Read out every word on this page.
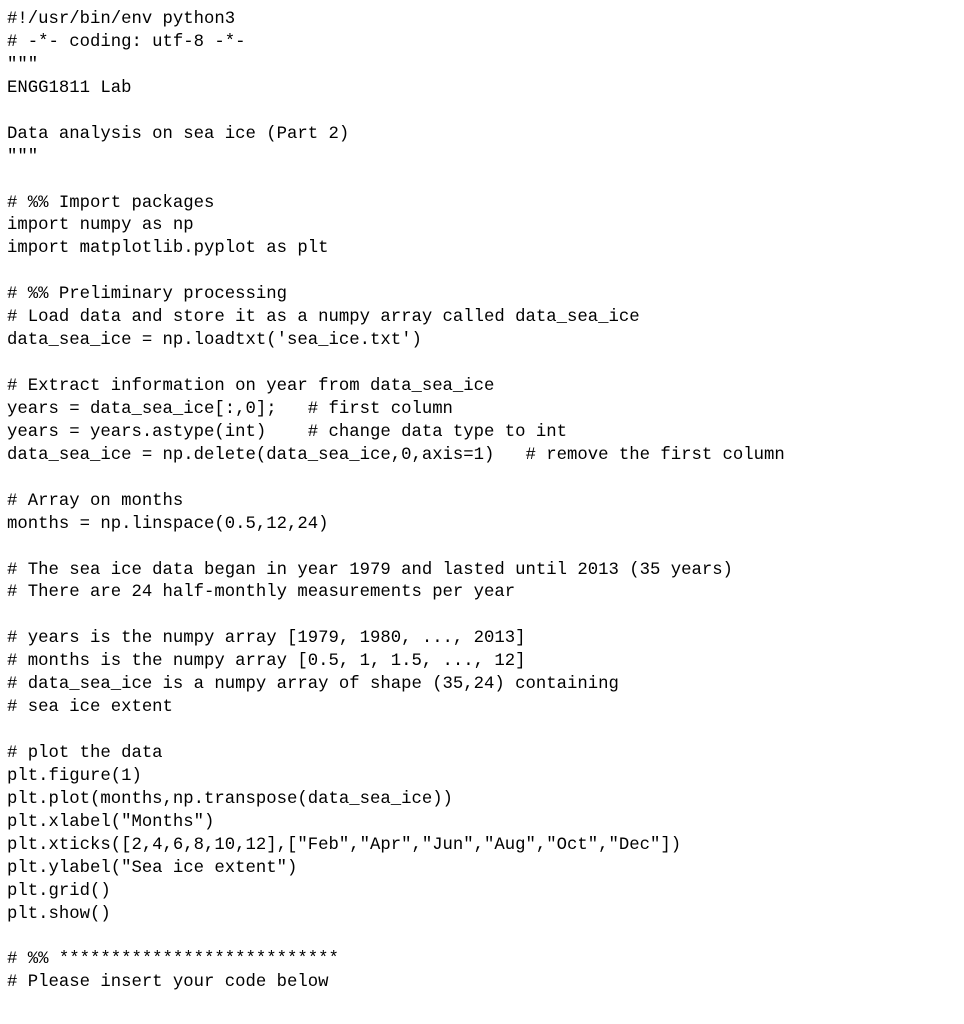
#!/usr/bin/env python3
# -*- coding: utf-8 -*-
"""
ENGG1811 Lab
Data analysis on sea ice (Part 2)
"""
# %% Import packages
import numpy as np
import matplotlib.pyplot as plt
# %% Preliminary processing
# Load data and store it as a numpy array called data_sea_ice
data_sea_ice = np.loadtxt('sea_ice.txt')
# Extract information on year from data_sea_ice
years = data_sea_ice[:,0];   # first column
years = years.astype(int)    # change data type to int
data_sea_ice = np.delete(data_sea_ice,0,axis=1)   # remove the first column
# Array on months
months = np.linspace(0.5,12,24)
# The sea ice data began in year 1979 and lasted until 2013 (35 years)
# There are 24 half-monthly measurements per year
# years is the numpy array [1979, 1980, ..., 2013]
# months is the numpy array [0.5, 1, 1.5, ..., 12]
# data_sea_ice is a numpy array of shape (35,24) containing
# sea ice extent
# plot the data
plt.figure(1)
plt.plot(months,np.transpose(data_sea_ice))
plt.xlabel("Months")
plt.xticks([2,4,6,8,10,12],["Feb","Apr","Jun","Aug","Oct","Dec"])
plt.ylabel("Sea ice extent")
plt.grid()
plt.show()
# %% ***************************
# Please insert your code below
